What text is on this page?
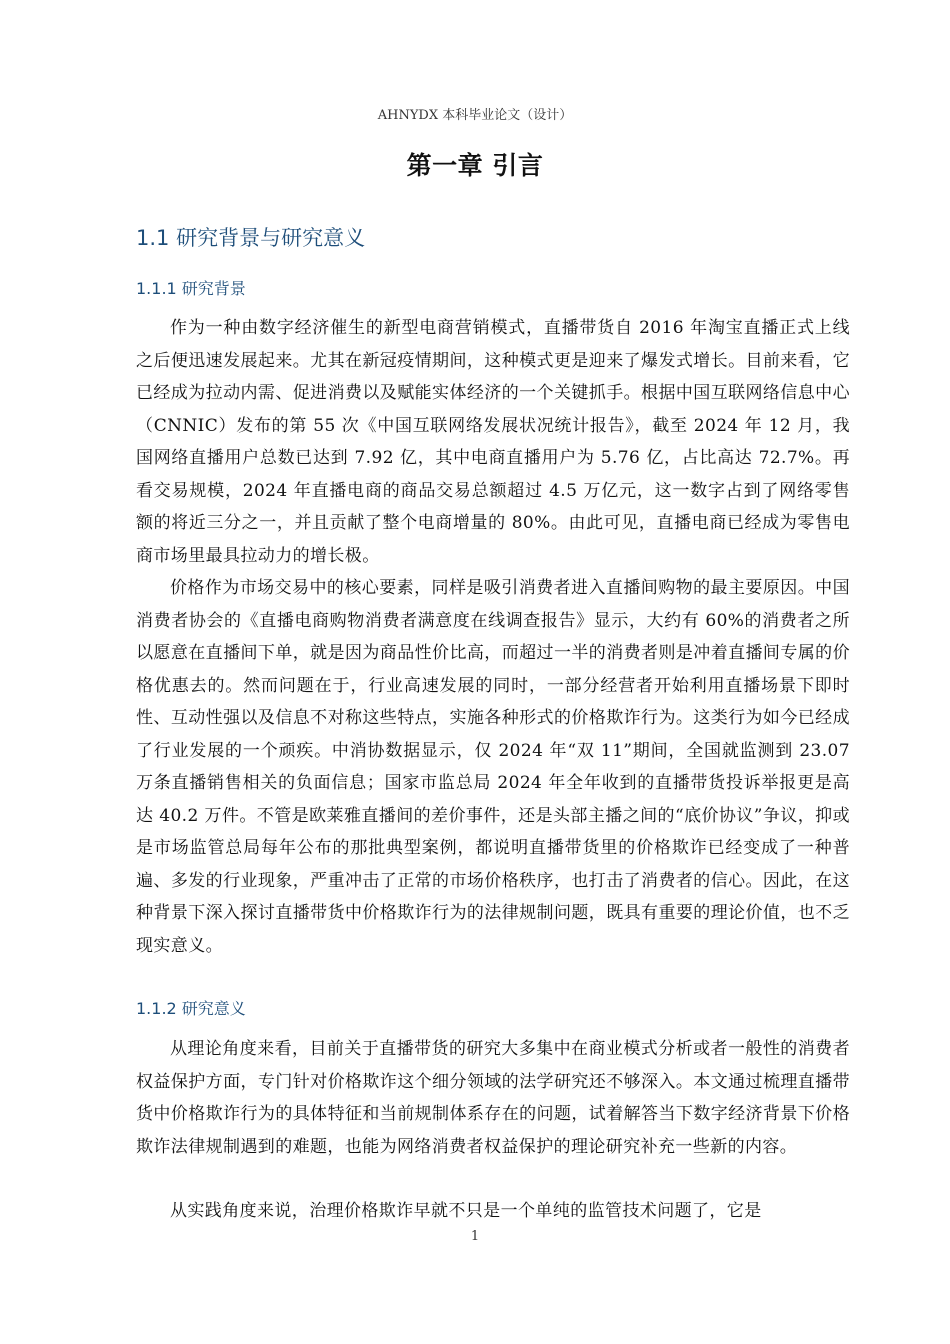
AHNYDX 本科毕业论文（设计）
第一章 引言
1.1 研究背景与研究意义
1.1.1 研究背景

作为一种由数字经济催生的新型电商营销模式，直播带货自 2016 年淘宝直播正式上线之后便迅速发展起来。尤其在新冠疫情期间，这种模式更是迎来了爆发式增长。目前来看，它已经成为拉动内需、促进消费以及赋能实体经济的一个关键抓手。根据中国互联网络信息中心（CNNIC）发布的第 55 次《中国互联网络发展状况统计报告》，截至 2024 年 12 月，我国网络直播用户总数已达到 7.92 亿，其中电商直播用户为 5.76 亿，占比高达 72.7%。再看交易规模，2024 年直播电商的商品交易总额超过 4.5 万亿元，这一数字占到了网络零售额的将近三分之一，并且贡献了整个电商增量的 80%。由此可见，直播电商已经成为零售电商市场里最具拉动力的增长极。

价格作为市场交易中的核心要素，同样是吸引消费者进入直播间购物的最主要原因。中国消费者协会的《直播电商购物消费者满意度在线调查报告》显示，大约有 60%的消费者之所以愿意在直播间下单，就是因为商品性价比高，而超过一半的消费者则是冲着直播间专属的价格优惠去的。然而问题在于，行业高速发展的同时，一部分经营者开始利用直播场景下即时性、互动性强以及信息不对称这些特点，实施各种形式的价格欺诈行为。这类行为如今已经成了行业发展的一个顽疾。中消协数据显示，仅 2024 年“双 11”期间，全国就监测到 23.07 万条直播销售相关的负面信息；国家市监总局 2024 年全年收到的直播带货投诉举报更是高达 40.2 万件。不管是欧莱雅直播间的差价事件，还是头部主播之间的“底价协议”争议，抑或是市场监管总局每年公布的那批典型案例，都说明直播带货里的价格欺诈已经变成了一种普遍、多发的行业现象，严重冲击了正常的市场价格秩序，也打击了消费者的信心。因此，在这种背景下深入探讨直播带货中价格欺诈行为的法律规制问题，既具有重要的理论价值，也不乏现实意义。

1.1.2 研究意义

从理论角度来看，目前关于直播带货的研究大多集中在商业模式分析或者一般性的消费者权益保护方面，专门针对价格欺诈这个细分领域的法学研究还不够深入。本文通过梳理直播带货中价格欺诈行为的具体特征和当前规制体系存在的问题，试着解答当下数字经济背景下价格欺诈法律规制遇到的难题，也能为网络消费者权益保护的理论研究补充一些新的内容。

从实践角度来说，治理价格欺诈早就不只是一个单纯的监管技术问题了，它是

1
